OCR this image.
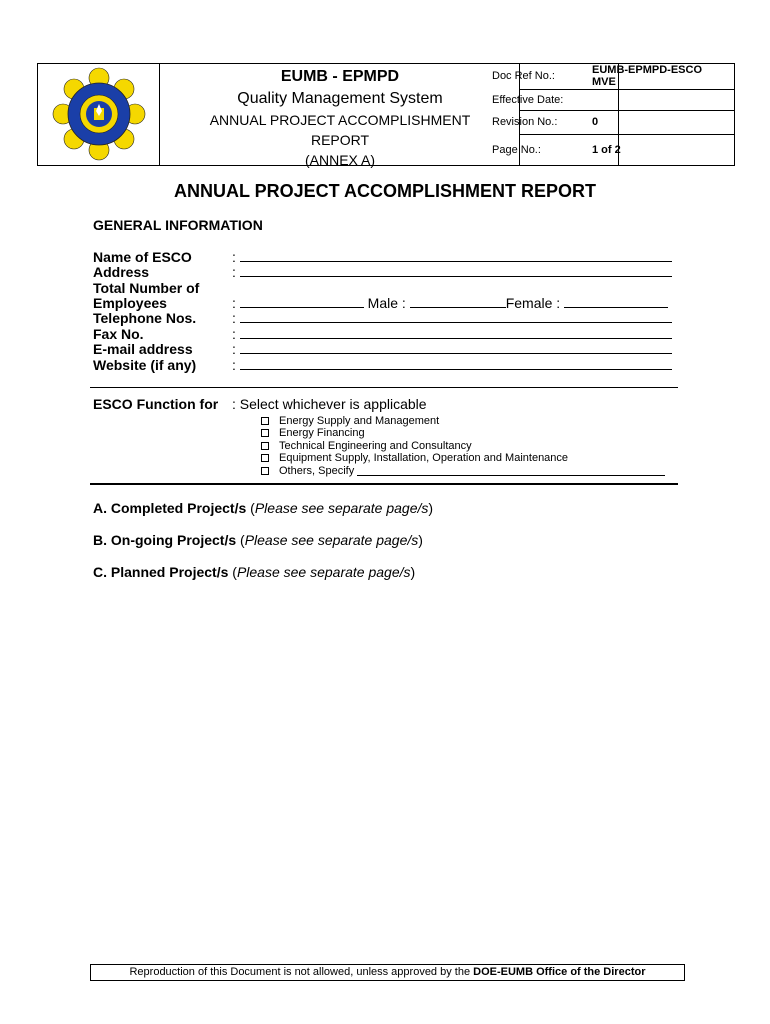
EUMB - EPMPD
Quality Management System
ANNUAL PROJECT ACCOMPLISHMENT
REPORT
(ANNEX A)
Doc Ref No.:	EUMB-EPMPD-ESCO
MVE
Effective Date:
Revision No.:	0
Page No.:	1 of 2
ANNUAL PROJECT ACCOMPLISHMENT REPORT
GENERAL INFORMATION
Name of ESCO	:
Address	:
Total Number of
Employees	:	Male :	Female :
Telephone Nos.	:
Fax No.	:
E-mail address	:
Website (if any)	:
ESCO Function for : Select whichever is applicable
Energy Supply and Management
Energy Financing
Technical Engineering and Consultancy
Equipment Supply, Installation, Operation and Maintenance
Others, Specify

A. Completed Project/s (Please see separate page/s)
B. On-going Project/s (Please see separate page/s)
C. Planned Project/s (Please see separate page/s)
Reproduction of this Document is not allowed, unless approved by the DOE-EUMB Office of the Director
